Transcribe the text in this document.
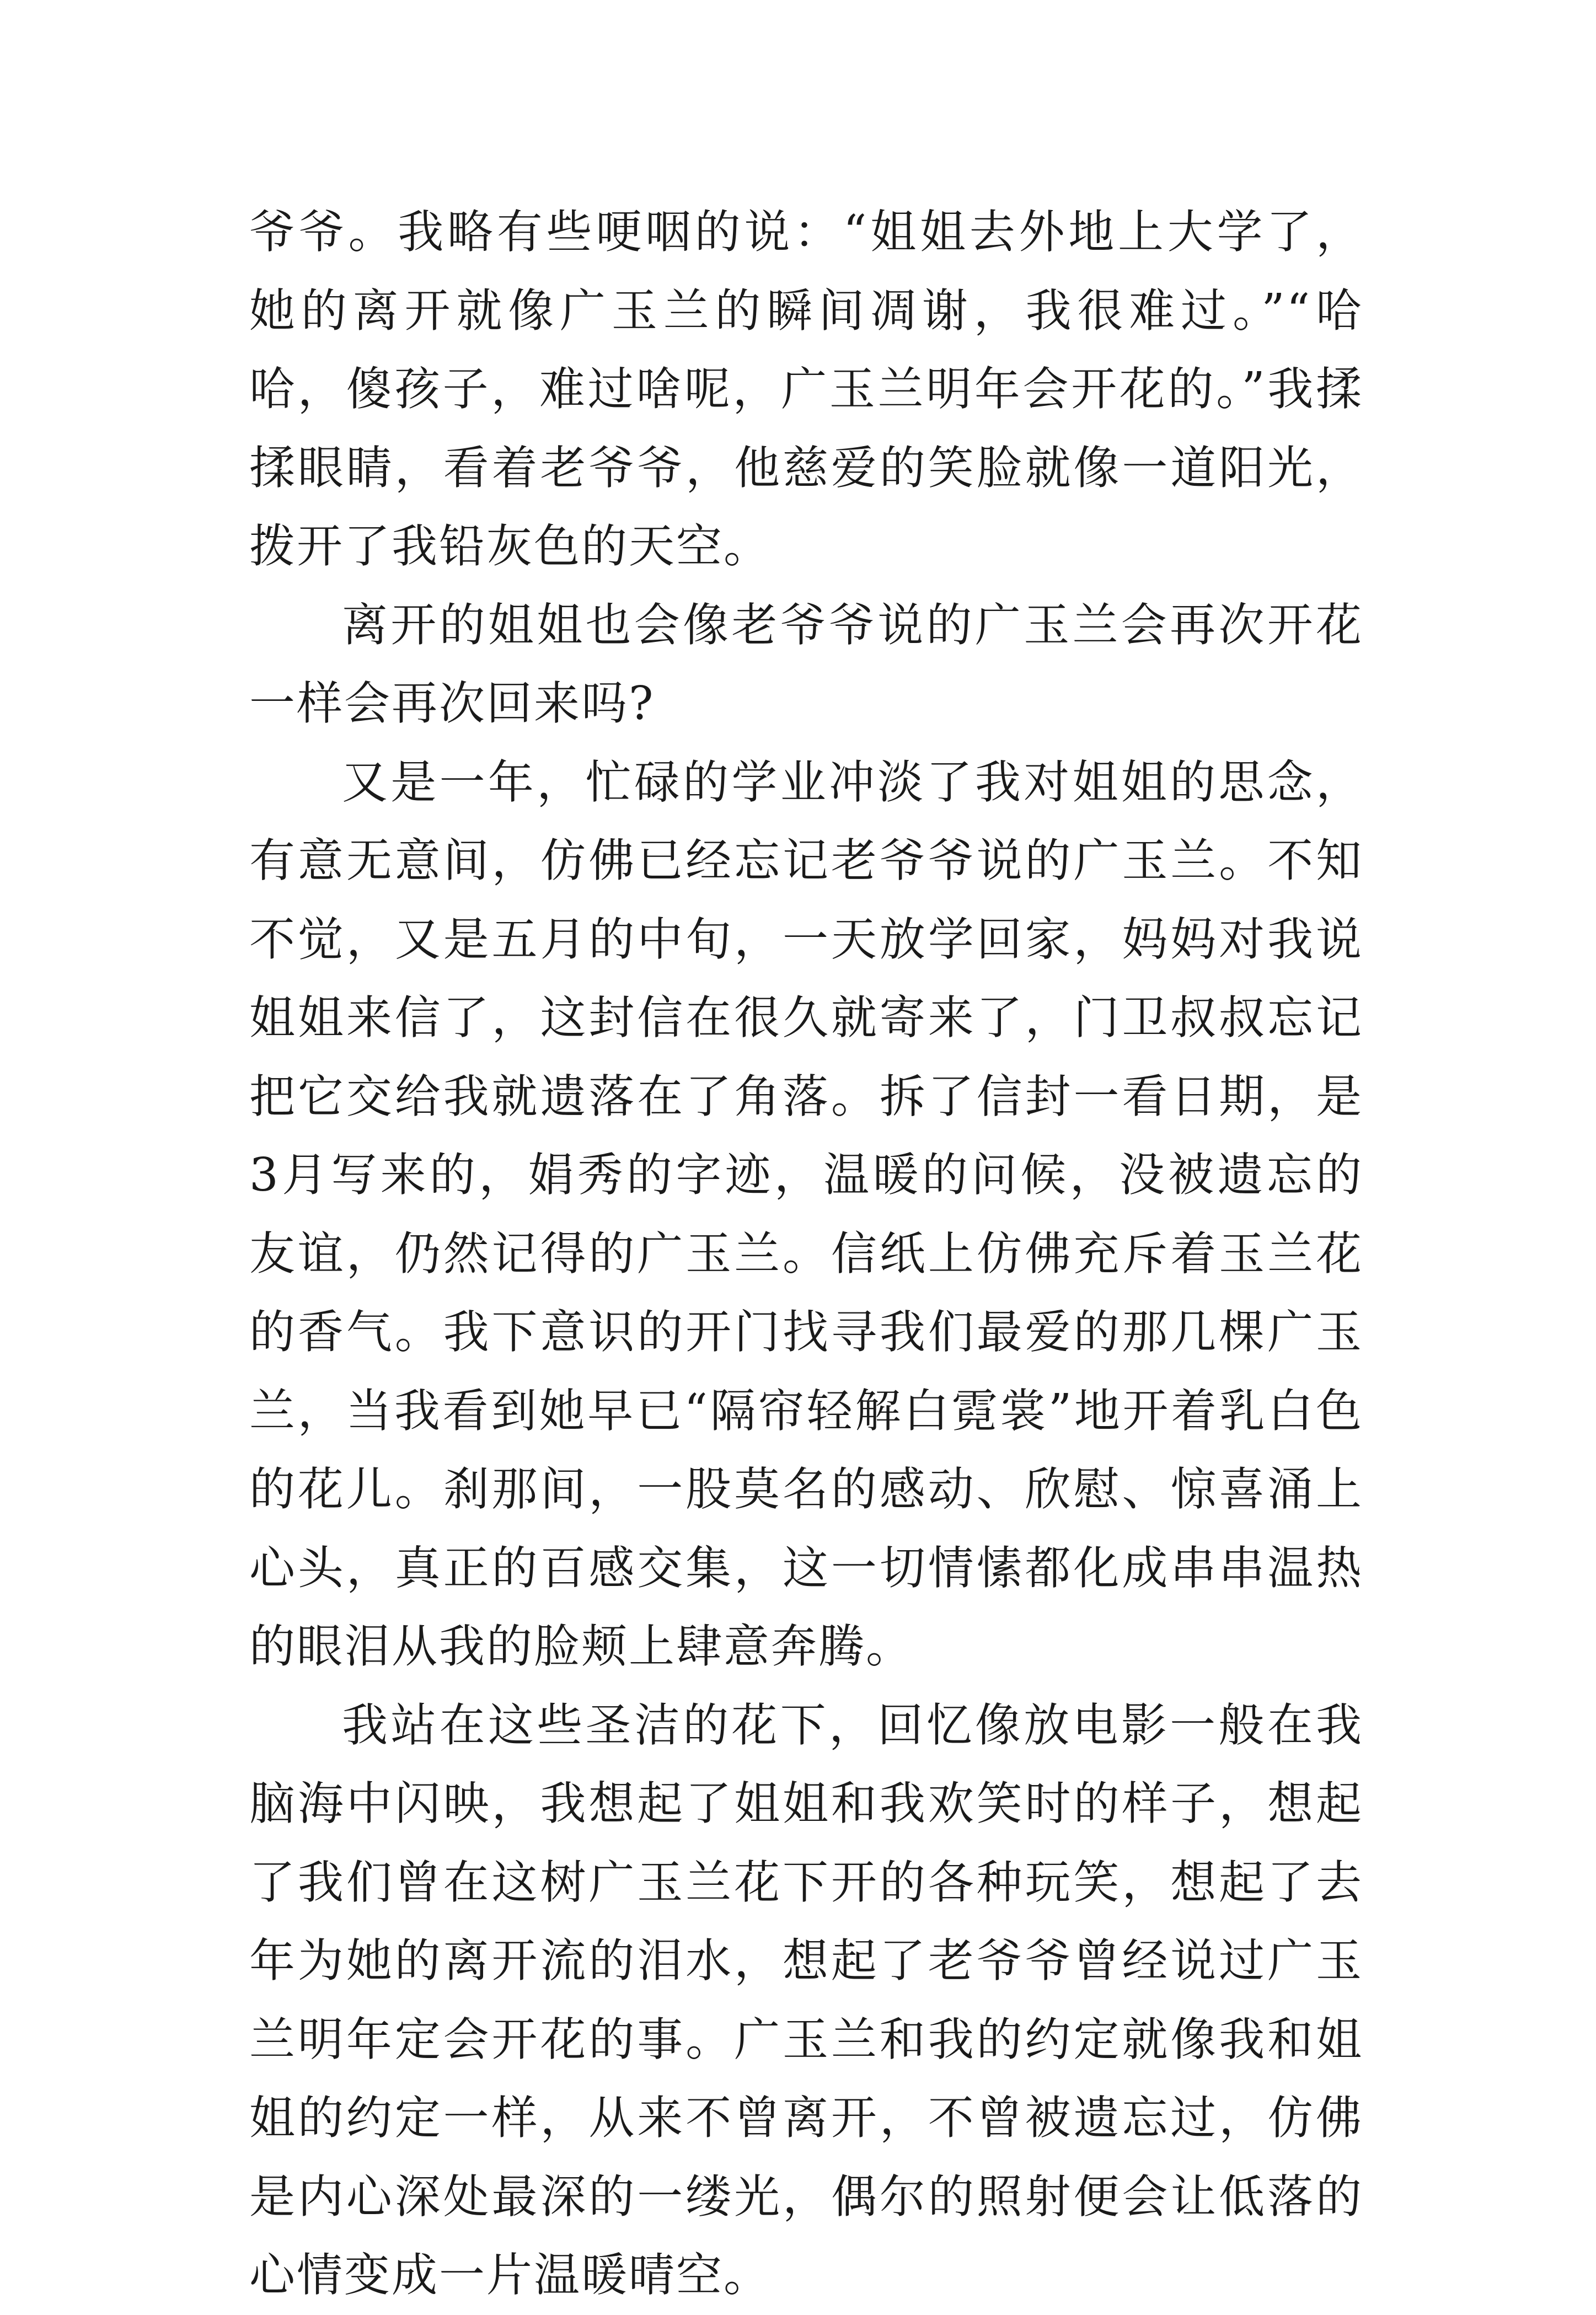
爷爷。我略有些哽咽的说：“姐姐去外地上大学了，她的离开就像广玉兰的瞬间凋谢，我很难过。”“哈哈，傻孩子，难过啥呢，广玉兰明年会开花的。”我揉揉眼睛，看着老爷爷，他慈爱的笑脸就像一道阳光，拨开了我铅灰色的天空。

离开的姐姐也会像老爷爷说的广玉兰会再次开花一样会再次回来吗?

又是一年，忙碌的学业冲淡了我对姐姐的思念，有意无意间，仿佛已经忘记老爷爷说的广玉兰。不知不觉，又是五月的中旬，一天放学回家，妈妈对我说姐姐来信了，这封信在很久就寄来了，门卫叔叔忘记把它交给我就遗落在了角落。拆了信封一看日期，是3月写来的，娟秀的字迹，温暖的问候，没被遗忘的友谊，仍然记得的广玉兰。信纸上仿佛充斥着玉兰花的香气。我下意识的开门找寻我们最爱的那几棵广玉兰，当我看到她早已“隔帘轻解白霓裳”地开着乳白色的花儿。刹那间，一股莫名的感动、欣慰、惊喜涌上心头，真正的百感交集，这一切情愫都化成串串温热的眼泪从我的脸颊上肆意奔腾。

我站在这些圣洁的花下，回忆像放电影一般在我脑海中闪映，我想起了姐姐和我欢笑时的样子，想起了我们曾在这树广玉兰花下开的各种玩笑，想起了去年为她的离开流的泪水，想起了老爷爷曾经说过广玉兰明年定会开花的事。广玉兰和我的约定就像我和姐姐的约定一样，从来不曾离开，不曾被遗忘过，仿佛是内心深处最深的一缕光，偶尔的照射便会让低落的心情变成一片温暖晴空。
